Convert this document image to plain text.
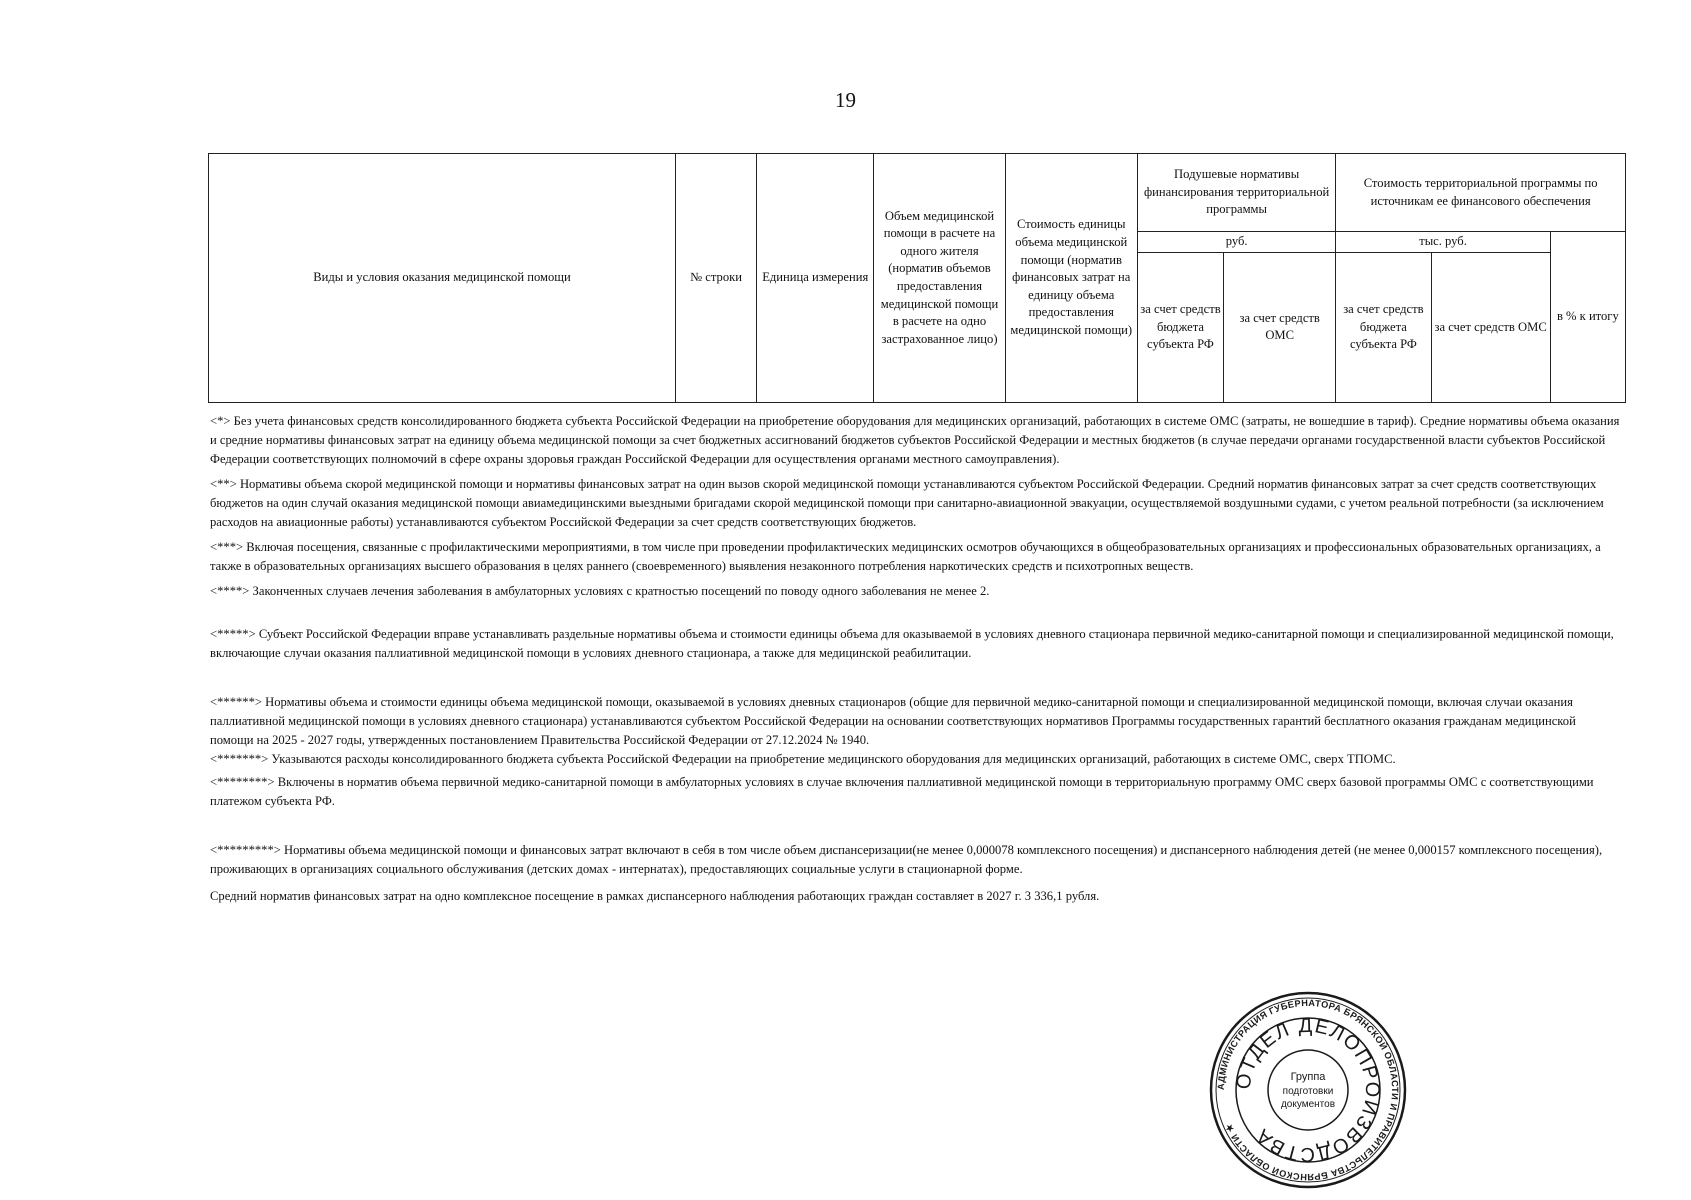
19
Виды и условия оказания медицинской помощи	№ строки	Единица измерения	Объем медицинской помощи в расчете на одного жителя (норматив объемов предоставления медицинской помощи в расчете на одно застрахованное лицо)	Стоимость единицы объема медицинской помощи (норматив финансовых затрат на единицу объема предоставления медицинской помощи)	Подушевые нормативы финансирования территориальной программы		Стоимость территориальной программы по источникам ее финансового обеспечения		
					руб.		тыс. руб.		в % к итогу
					за счет средств бюджета субъекта РФ	за счет средств ОМС	за счет средств бюджета субъекта РФ	за счет средств ОМС	

<*> Без учета финансовых средств консолидированного бюджета субъекта Российской Федерации на приобретение оборудования для медицинских организаций, работающих в системе ОМС (затраты, не вошедшие в тариф). Средние нормативы объема оказания и средние нормативы финансовых затрат на единицу объема медицинской помощи за счет бюджетных ассигнований бюджетов субъектов Российской Федерации и местных бюджетов (в случае передачи органами государственной власти субъектов Российской Федерации соответствующих полномочий в сфере охраны здоровья граждан Российской Федерации для осуществления органами местного самоуправления).

<**> Нормативы объема скорой медицинской помощи и нормативы финансовых затрат на один вызов скорой медицинской помощи устанавливаются субъектом Российской Федерации. Средний норматив финансовых затрат за счет средств соответствующих бюджетов на один случай оказания медицинской помощи авиамедицинскими выездными бригадами скорой медицинской помощи при санитарно-авиационной эвакуации, осуществляемой воздушными судами, с учетом реальной потребности (за исключением расходов на авиационные работы) устанавливаются субъектом Российской Федерации за счет средств соответствующих бюджетов.

<***> Включая посещения, связанные с профилактическими мероприятиями, в том числе при проведении профилактических медицинских осмотров обучающихся в общеобразовательных организациях и профессиональных образовательных организациях, а также в образовательных организациях высшего образования в целях раннего (своевременного) выявления незаконного потребления наркотических средств и психотропных веществ.

<****> Законченных случаев лечения заболевания в амбулаторных условиях с кратностью посещений по поводу одного заболевания не менее 2.

<*****> Субъект Российской Федерации вправе устанавливать раздельные нормативы объема и стоимости единицы объема для оказываемой в условиях дневного стационара первичной медико-санитарной помощи и специализированной медицинской помощи, включающие случаи оказания паллиативной медицинской помощи в условиях дневного стационара, а также для медицинской реабилитации.

<******> Нормативы объема и стоимости единицы объема медицинской помощи, оказываемой в условиях дневных стационаров (общие для первичной медико-санитарной помощи и специализированной медицинской помощи, включая случаи оказания паллиативной медицинской помощи в условиях дневного стационара) устанавливаются субъектом Российской Федерации на основании соответствующих нормативов Программы государственных гарантий бесплатного оказания гражданам медицинской помощи на 2025 - 2027 годы, утвержденных постановлением Правительства Российской Федерации от 27.12.2024 № 1940.

<*******> Указываются расходы консолидированного бюджета субъекта Российской Федерации на приобретение медицинского оборудования для медицинских организаций, работающих в системе ОМС, сверх ТПОМС.

<********> Включены в норматив объема первичной медико-санитарной помощи в амбулаторных условиях в случае включения паллиативной медицинской помощи в территориальную программу ОМС сверх базовой программы ОМС с соответствующими платежом субъекта РФ.

<*********> Нормативы объема медицинской помощи и финансовых затрат включают в себя в том числе объем диспансеризации(не менее 0,000078 комплексного посещения) и диспансерного наблюдения детей (не менее 0,000157 комплексного посещения), проживающих в организациях социального обслуживания (детских домах - интернатах), предоставляющих социальные услуги в стационарной форме.

Средний норматив финансовых затрат на одно комплексное посещение в рамках диспансерного наблюдения работающих граждан составляет в 2027 г. 3 336,1 рубля.

АДМИНИСТРАЦИЯ ГУБЕРНАТОРА БРЯНСКОЙ ОБЛАСТИ И ПРАВИТЕЛЬСТВА БРЯНСКОЙ ОБЛАСТИ ★
ОТДЕЛ ДЕЛОПРОИЗВОДСТВА
Группа
подготовки
документов
